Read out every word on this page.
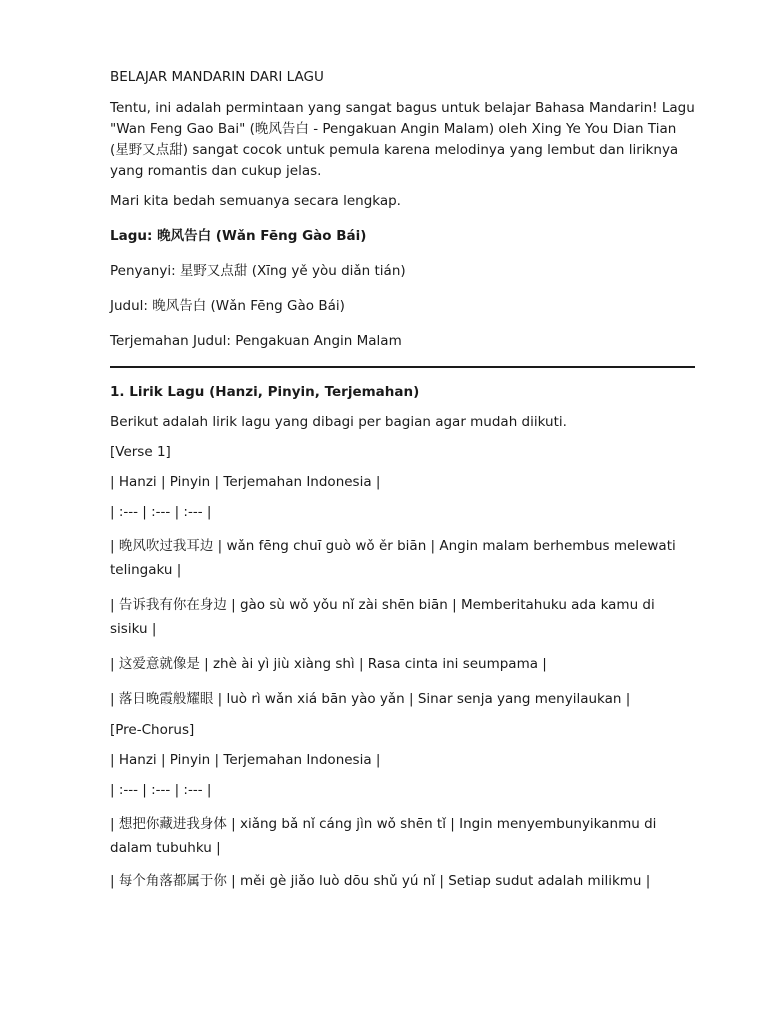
BELAJAR MANDARIN DARI LAGU

Tentu, ini adalah permintaan yang sangat bagus untuk belajar Bahasa Mandarin! Lagu "Wan Feng Gao Bai" (晚风告白 - Pengakuan Angin Malam) oleh Xing Ye You Dian Tian (星野又点甜) sangat cocok untuk pemula karena melodinya yang lembut dan liriknya yang romantis dan cukup jelas.

Mari kita bedah semuanya secara lengkap.

Lagu: 晚风告白 (Wǎn Fēng Gào Bái)

Penyanyi: 星野又点甜 (Xīng yě yòu diǎn tián)

Judul: 晚风告白 (Wǎn Fēng Gào Bái)

Terjemahan Judul: Pengakuan Angin Malam

1. Lirik Lagu (Hanzi, Pinyin, Terjemahan)

Berikut adalah lirik lagu yang dibagi per bagian agar mudah diikuti.

[Verse 1]

| Hanzi | Pinyin | Terjemahan Indonesia |

| :--- | :--- | :--- |

| 晚风吹过我耳边 | wǎn fēng chuī guò wǒ ěr biān | Angin malam berhembus melewati telingaku |

| 告诉我有你在身边 | gào sù wǒ yǒu nǐ zài shēn biān | Memberitahuku ada kamu di sisiku |

| 这爱意就像是 | zhè ài yì jiù xiàng shì | Rasa cinta ini seumpama |

| 落日晚霞般耀眼 | luò rì wǎn xiá bān yào yǎn | Sinar senja yang menyilaukan |

[Pre-Chorus]

| Hanzi | Pinyin | Terjemahan Indonesia |

| :--- | :--- | :--- |

| 想把你藏进我身体 | xiǎng bǎ nǐ cáng jìn wǒ shēn tǐ | Ingin menyembunyikanmu di dalam tubuhku |

| 每个角落都属于你 | měi gè jiǎo luò dōu shǔ yú nǐ | Setiap sudut adalah milikmu |
